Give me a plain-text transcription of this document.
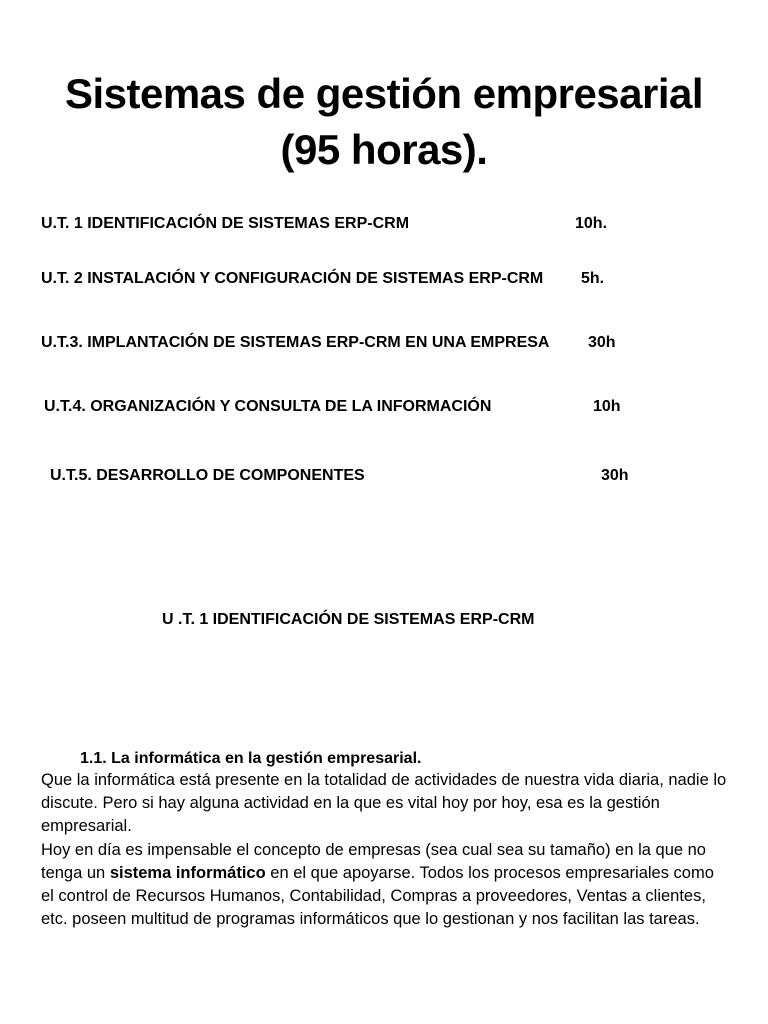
Sistemas de gestión empresarial
(95 horas).
U.T. 1 IDENTIFICACIÓN DE SISTEMAS ERP-CRM	10h.
U.T. 2 INSTALACIÓN Y CONFIGURACIÓN DE SISTEMAS ERP-CRM 5h.
U.T.3. IMPLANTACIÓN DE SISTEMAS ERP-CRM EN UNA EMPRESA 30h
U.T.4. ORGANIZACIÓN Y CONSULTA DE LA INFORMACIÓN	10h
U.T.5. DESARROLLO DE COMPONENTES	30h
U .T. 1 IDENTIFICACIÓN DE SISTEMAS ERP-CRM
1.1. La informática en la gestión empresarial.

Que la informática está presente en la totalidad de actividades de nuestra vida diaria, nadie lo discute. Pero si hay alguna actividad en la que es vital hoy por hoy, esa es la gestión empresarial.

Hoy en día es impensable el concepto de empresas (sea cual sea su tamaño) en la que no tenga un sistema informático en el que apoyarse. Todos los procesos empresariales como el control de Recursos Humanos, Contabilidad, Compras a proveedores, Ventas a clientes, etc. poseen multitud de programas informáticos que lo gestionan y nos facilitan las tareas.
